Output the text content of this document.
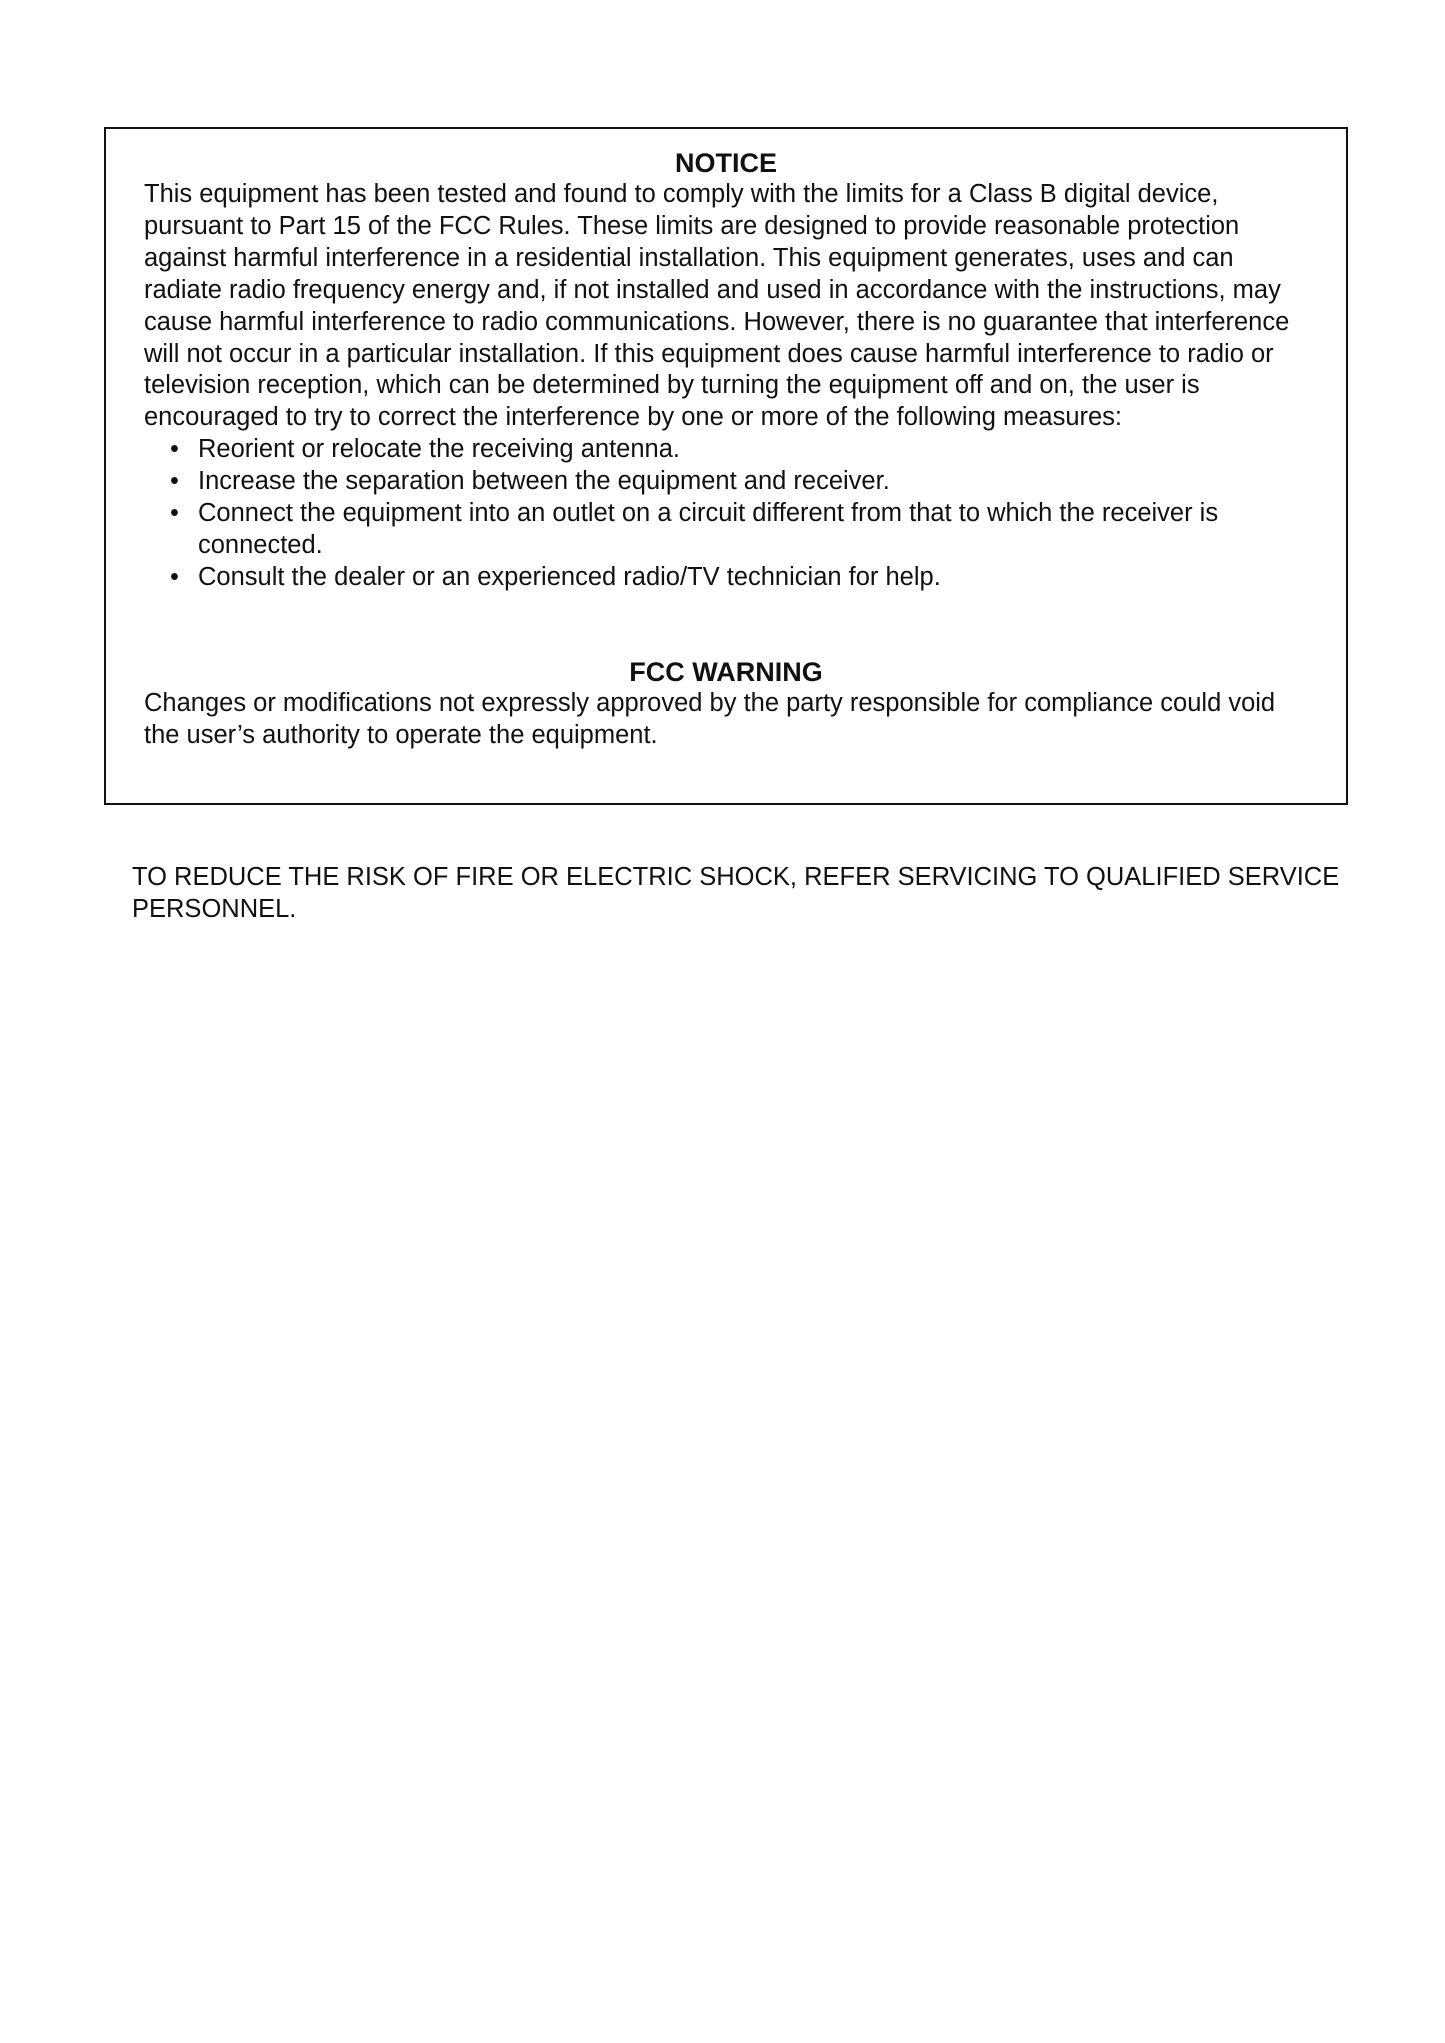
NOTICE

This equipment has been tested and found to comply with the limits for a Class B digital device, pursuant to Part 15 of the FCC Rules. These limits are designed to provide reasonable protection against harmful interference in a residential installation. This equipment generates, uses and can radiate radio frequency energy and, if not installed and used in accordance with the instructions, may cause harmful interference to radio communications. However, there is no guarantee that interference will not occur in a particular installation. If this equipment does cause harmful interference to radio or television reception, which can be determined by turning the equipment off and on, the user is encouraged to try to correct the interference by one or more of the following measures:

• Reorient or relocate the receiving antenna.
• Increase the separation between the equipment and receiver.
• Connect the equipment into an outlet on a circuit different from that to which the receiver is connected.
• Consult the dealer or an experienced radio/TV technician for help.
FCC WARNING

Changes or modifications not expressly approved by the party responsible for compliance could void the user’s authority to operate the equipment.

TO REDUCE THE RISK OF FIRE OR ELECTRIC SHOCK, REFER SERVICING TO QUALIFIED SERVICE PERSONNEL.
